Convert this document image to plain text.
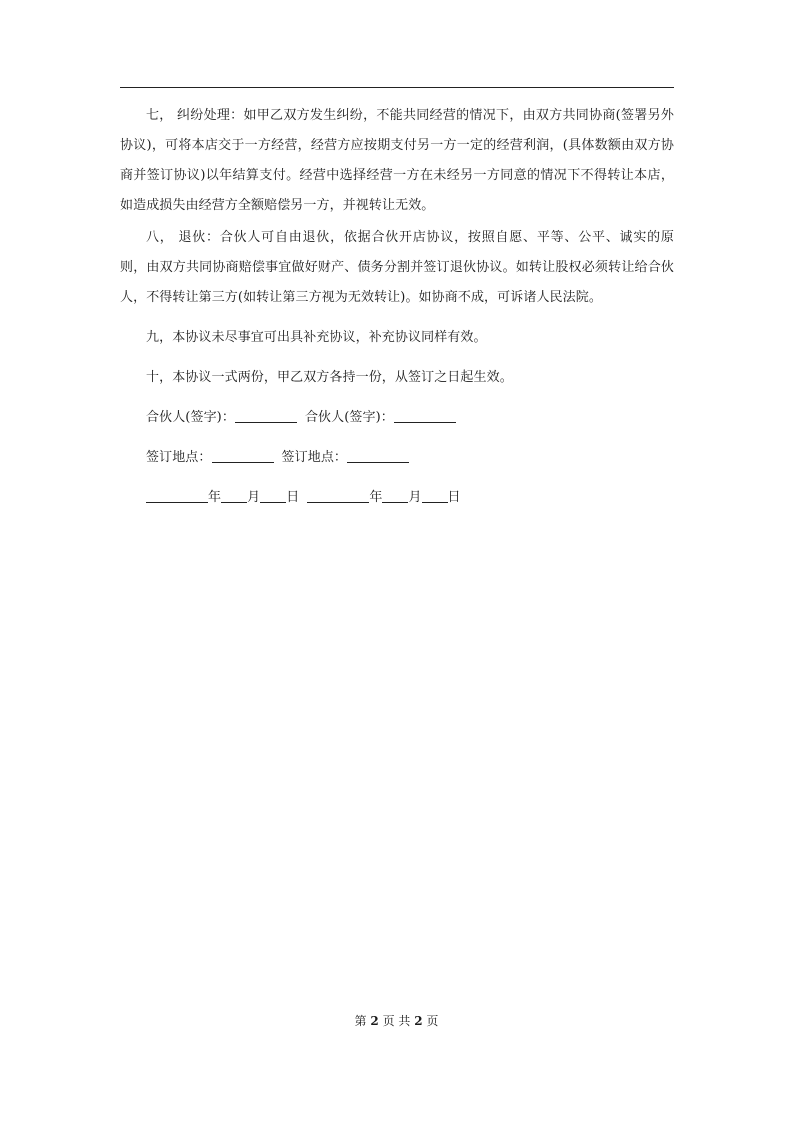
七， 纠纷处理：如甲乙双方发生纠纷，不能共同经营的情况下，由双方共同协商(签署另外协议)，可将本店交于一方经营，经营方应按期支付另一方一定的经营利润，(具体数额由双方协商并签订协议)以年结算支付。经营中选择经营一方在未经另一方同意的情况下不得转让本店，如造成损失由经营方全额赔偿另一方，并视转让无效。

八， 退伙：合伙人可自由退伙，依据合伙开店协议，按照自愿、平等、公平、诚实的原则，由双方共同协商赔偿事宜做好财产、债务分割并签订退伙协议。如转让股权必须转让给合伙人，不得转让第三方(如转让第三方视为无效转让)。如协商不成，可诉诸人民法院。

九，本协议未尽事宜可出具补充协议，补充协议同样有效。

十，本协议一式两份，甲乙双方各持一份，从签订之日起生效。

合伙人(签字)：	合伙人(签字)：

签订地点：	签订地点：

年 月 日	年 月 日

第 2 页 共 2 页
